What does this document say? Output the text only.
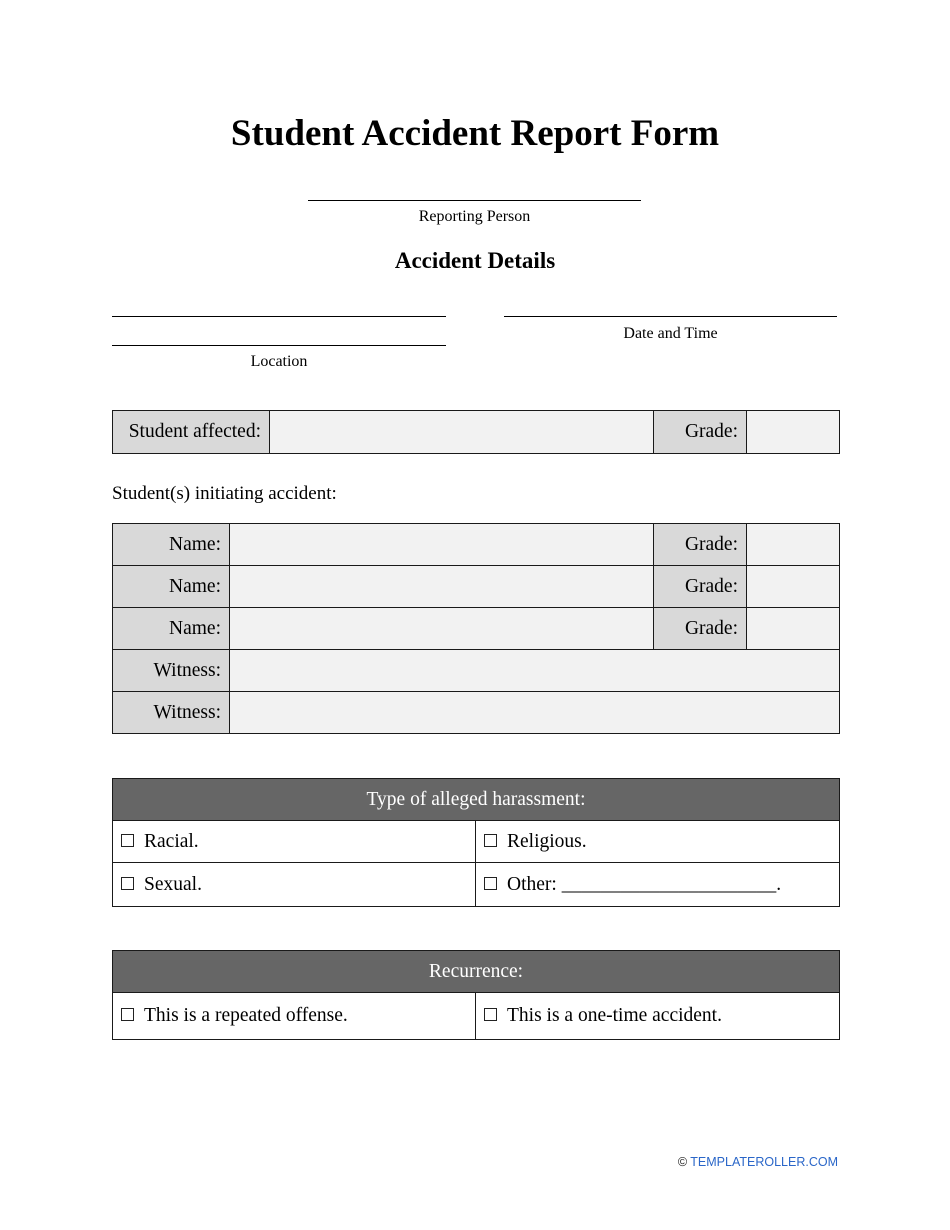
Student Accident Report Form
Reporting Person
Accident Details
Location
Date and Time
Student affected:		Grade:	
Student(s) initiating accident:
Name:		Grade:	
Name:		Grade:	
Name:		Grade:	
Witness:			
Witness:			
Type of alleged harassment:	
Racial.	Religious.
Sexual.	Other: ______________________.
Recurrence:
This is a repeated offense.	This is a one-time accident.
© TEMPLATEROLLER.COM
